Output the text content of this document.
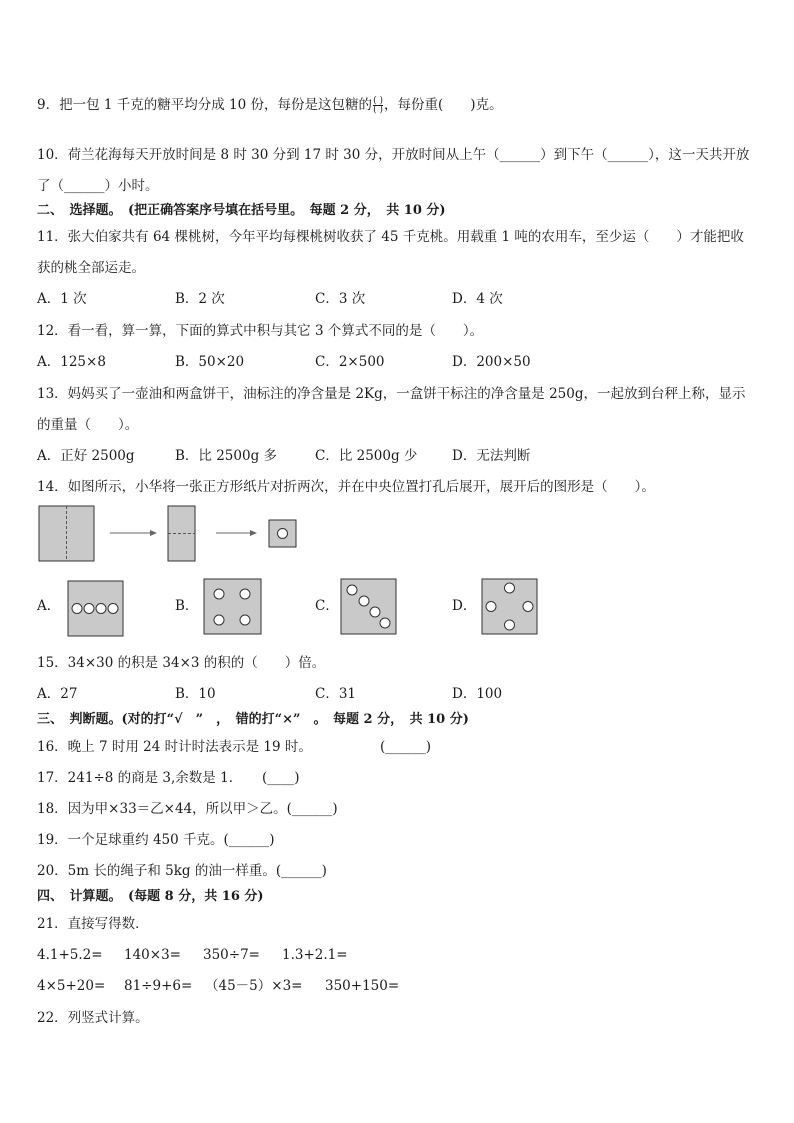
9．把一包 1 千克的糖平均分成 10 份，每份是这包糖的 $\frac{( )}{( )}$ ，每份重(　　)克。
10．荷兰花海每天开放时间是 8 时 30 分到 17 时 30 分，开放时间从上午（______）到下午（______），这一天共开放
了（______）小时。
二、　选择题。　(把正确答案序号填在括号里。　每题 2 分，　共 10 分)
11．张大伯家共有 64 棵桃树，今年平均每棵桃树收获了 45 千克桃。用载重 1 吨的农用车，至少运（　　）才能把收
获的桃全部运走。
A．1 次	B．2 次	C．3 次	D．4 次
12．看一看，算一算，下面的算式中积与其它 3 个算式不同的是（　　）。
A．125×8	B．50×20	C．2×500	D．200×50
13．妈妈买了一壶油和两盒饼干，油标注的净含量是 2Kg，一盒饼干标注的净含量是 250g，一起放到台秤上称，显示
的重量（　　）。
A．正好 2500g	B．比 2500g 多	C．比 2500g 少	D．无法判断
14．如图所示，小华将一张正方形纸片对折两次，并在中央位置打孔后展开，展开后的图形是（　　）。
A．	B．	C．	D．
15．34×30 的积是 34×3 的积的（　　）倍。
A．27	B．10	C．31	D．100
三、　判断题。(对的打“√　”　，　错的打“×”　。　每题 2 分，　共 10 分)
16．晚上 7 时用 24 时计时法表示是 19 时。	(______)
17．241÷8 的商是 3,余数是 1． (____)
18．因为甲×33＝乙×44，所以甲＞乙。(______)
19．一个足球重约 450 千克。(______)
20．5m 长的绳子和 5kg 的油一样重。(______)
四、　计算题。　(每题 8 分，共 16 分)
21．直接写得数．
4.1+5.2= 140×3= 350÷7= 1.3+2.1=
4×5+20= 81÷9+6= （45－5）×3= 350+150=
22．列竖式计算。
